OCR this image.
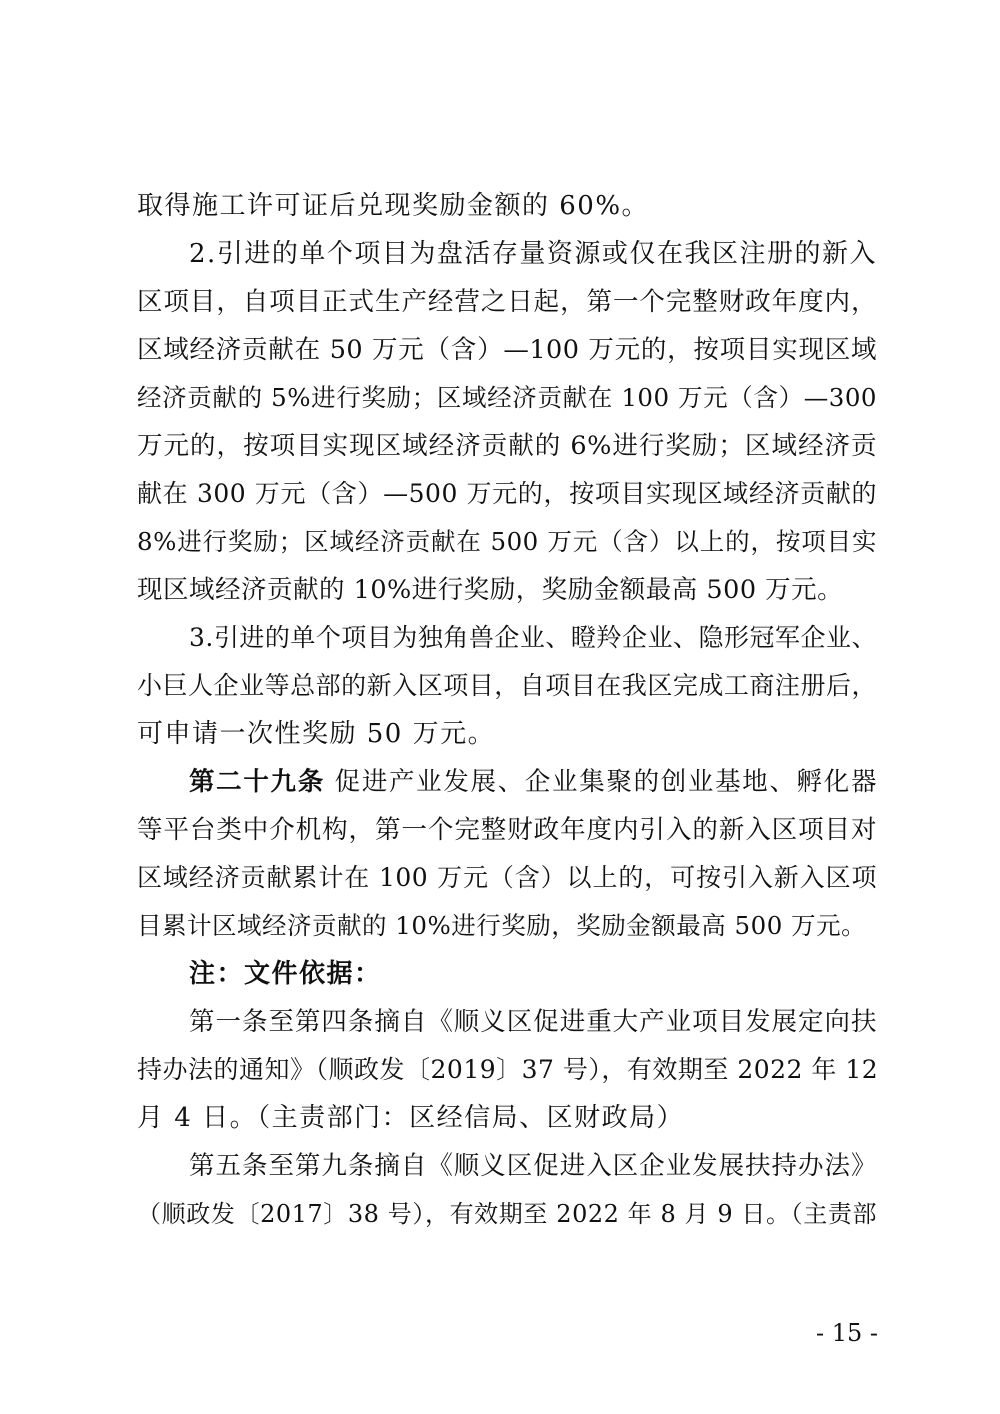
取得施工许可证后兑现奖励金额的 60%。
2.引进的单个项目为盘活存量资源或仅在我区注册的新入
区项目，自项目正式生产经营之日起，第一个完整财政年度内，
区域经济贡献在 50 万元（含）—100 万元的，按项目实现区域
经济贡献的 5%进行奖励；区域经济贡献在 100 万元（含）—300
万元的，按项目实现区域经济贡献的 6%进行奖励；区域经济贡
献在 300 万元（含）—500 万元的，按项目实现区域经济贡献的
8%进行奖励；区域经济贡献在 500 万元（含）以上的，按项目实
现区域经济贡献的 10%进行奖励，奖励金额最高 500 万元。
3.引进的单个项目为独角兽企业、瞪羚企业、隐形冠军企业、
小巨人企业等总部的新入区项目，自项目在我区完成工商注册后，
可申请一次性奖励 50 万元。
第二十九条 促进产业发展、企业集聚的创业基地、孵化器
等平台类中介机构，第一个完整财政年度内引入的新入区项目对
区域经济贡献累计在 100 万元（含）以上的，可按引入新入区项
目累计区域经济贡献的 10%进行奖励，奖励金额最高 500 万元。
注：文件依据：
第一条至第四条摘自《顺义区促进重大产业项目发展定向扶
持办法的通知》（顺政发〔2019〕37 号），有效期至 2022 年 12
月 4 日。（主责部门：区经信局、区财政局）
第五条至第九条摘自《顺义区促进入区企业发展扶持办法》
（顺政发〔2017〕38 号），有效期至 2022 年 8 月 9 日。（主责部
- 15 -
